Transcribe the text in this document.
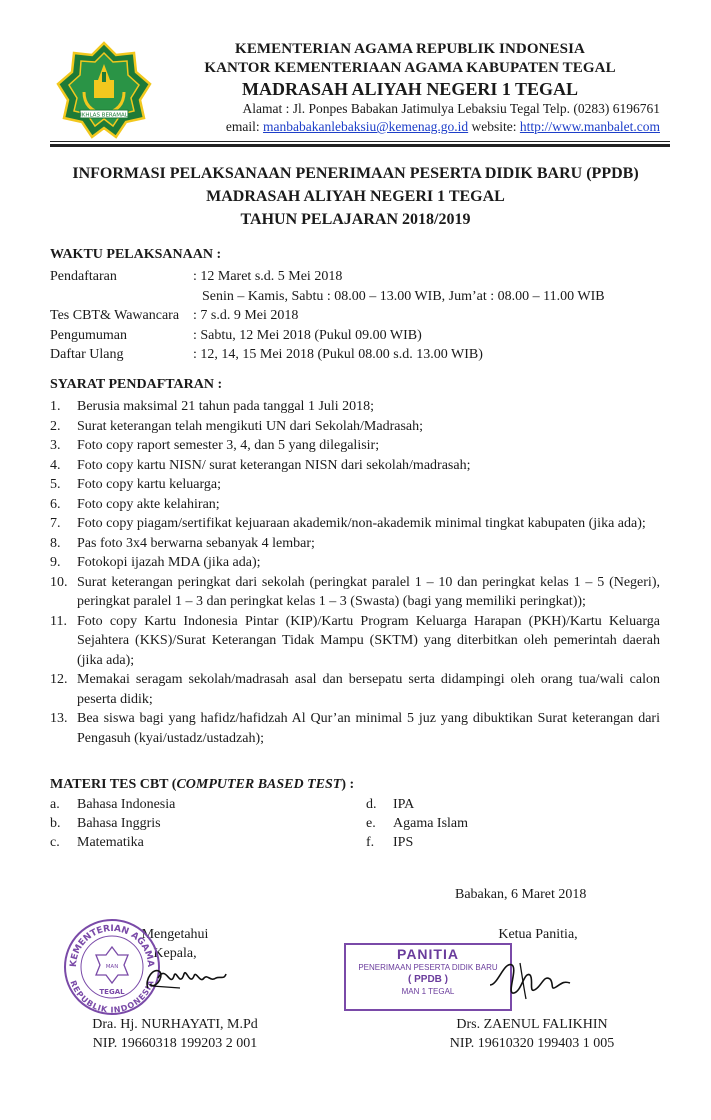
IKHLAS BERAMAL
KEMENTERIAN AGAMA REPUBLIK INDONESIA
KANTOR KEMENTERIAAN AGAMA KABUPATEN TEGAL
MADRASAH ALIYAH NEGERI 1 TEGAL
Alamat : Jl. Ponpes Babakan Jatimulya Lebaksiu Tegal Telp. (0283) 6196761
email: manbabakanlebaksiu@kemenag.go.id website: http://www.manbalet.com
INFORMASI PELAKSANAAN PENERIMAAN PESERTA DIDIK BARU (PPDB)
MADRASAH ALIYAH NEGERI 1 TEGAL
TAHUN PELAJARAN 2018/2019
WAKTU PELAKSANAAN :
Pendaftaran	: 12 Maret s.d. 5 Mei 2018
Senin – Kamis, Sabtu : 08.00 – 13.00 WIB, Jum’at : 08.00 – 11.00 WIB
Tes CBT& Wawancara : 7 s.d. 9 Mei 2018
Pengumuman	: Sabtu, 12 Mei 2018 (Pukul 09.00 WIB)
Daftar Ulang	: 12, 14, 15 Mei 2018 (Pukul 08.00 s.d. 13.00 WIB)
SYARAT PENDAFTARAN :
1. Berusia maksimal 21 tahun pada tanggal 1 Juli 2018;
2. Surat keterangan telah mengikuti UN dari Sekolah/Madrasah;
3. Foto copy raport semester 3, 4, dan 5 yang dilegalisir;
4. Foto copy kartu NISN/ surat keterangan NISN dari sekolah/madrasah;
5. Foto copy kartu keluarga;
6. Foto copy akte kelahiran;
7. Foto copy piagam/sertifikat kejuaraan akademik/non-akademik minimal tingkat kabupaten (jika ada);
8. Pas foto 3x4 berwarna sebanyak 4 lembar;
9. Fotokopi ijazah MDA (jika ada);
10. Surat keterangan peringkat dari sekolah (peringkat paralel 1 – 10 dan peringkat kelas 1 – 5 (Negeri), peringkat paralel 1 – 3 dan peringkat kelas 1 – 3 (Swasta) (bagi yang memiliki peringkat));
11. Foto copy Kartu Indonesia Pintar (KIP)/Kartu Program Keluarga Harapan (PKH)/Kartu Keluarga Sejahtera (KKS)/Surat Keterangan Tidak Mampu (SKTM) yang diterbitkan oleh pemerintah daerah (jika ada);
12. Memakai seragam sekolah/madrasah asal dan bersepatu serta didampingi oleh orang tua/wali calon peserta didik;
13. Bea siswa bagi yang hafidz/hafidzah Al Qur’an minimal 5 juz yang dibuktikan Surat keterangan dari Pengasuh (kyai/ustadz/ustadzah);
MATERI TES CBT (COMPUTER BASED TEST) :
a. Bahasa Indonesia	d. IPA
b. Bahasa Inggris	e. Agama Islam
c. Matematika	f. IPS
Babakan, 6 Maret 2018
Mengetahui
Kepala,
Ketua Panitia,
KEMENTERIAN AGAMA
REPUBLIK INDONESIA
MAN
TEGAL
PANITIA
PENERIMAAN PESERTA DIDIK BARU
( PPDB )
MAN 1 TEGAL
Dra. Hj. NURHAYATI, M.Pd
NIP. 19660318 199203 2 001
Drs. ZAENUL FALIKHIN
NIP. 19610320 199403 1 005
